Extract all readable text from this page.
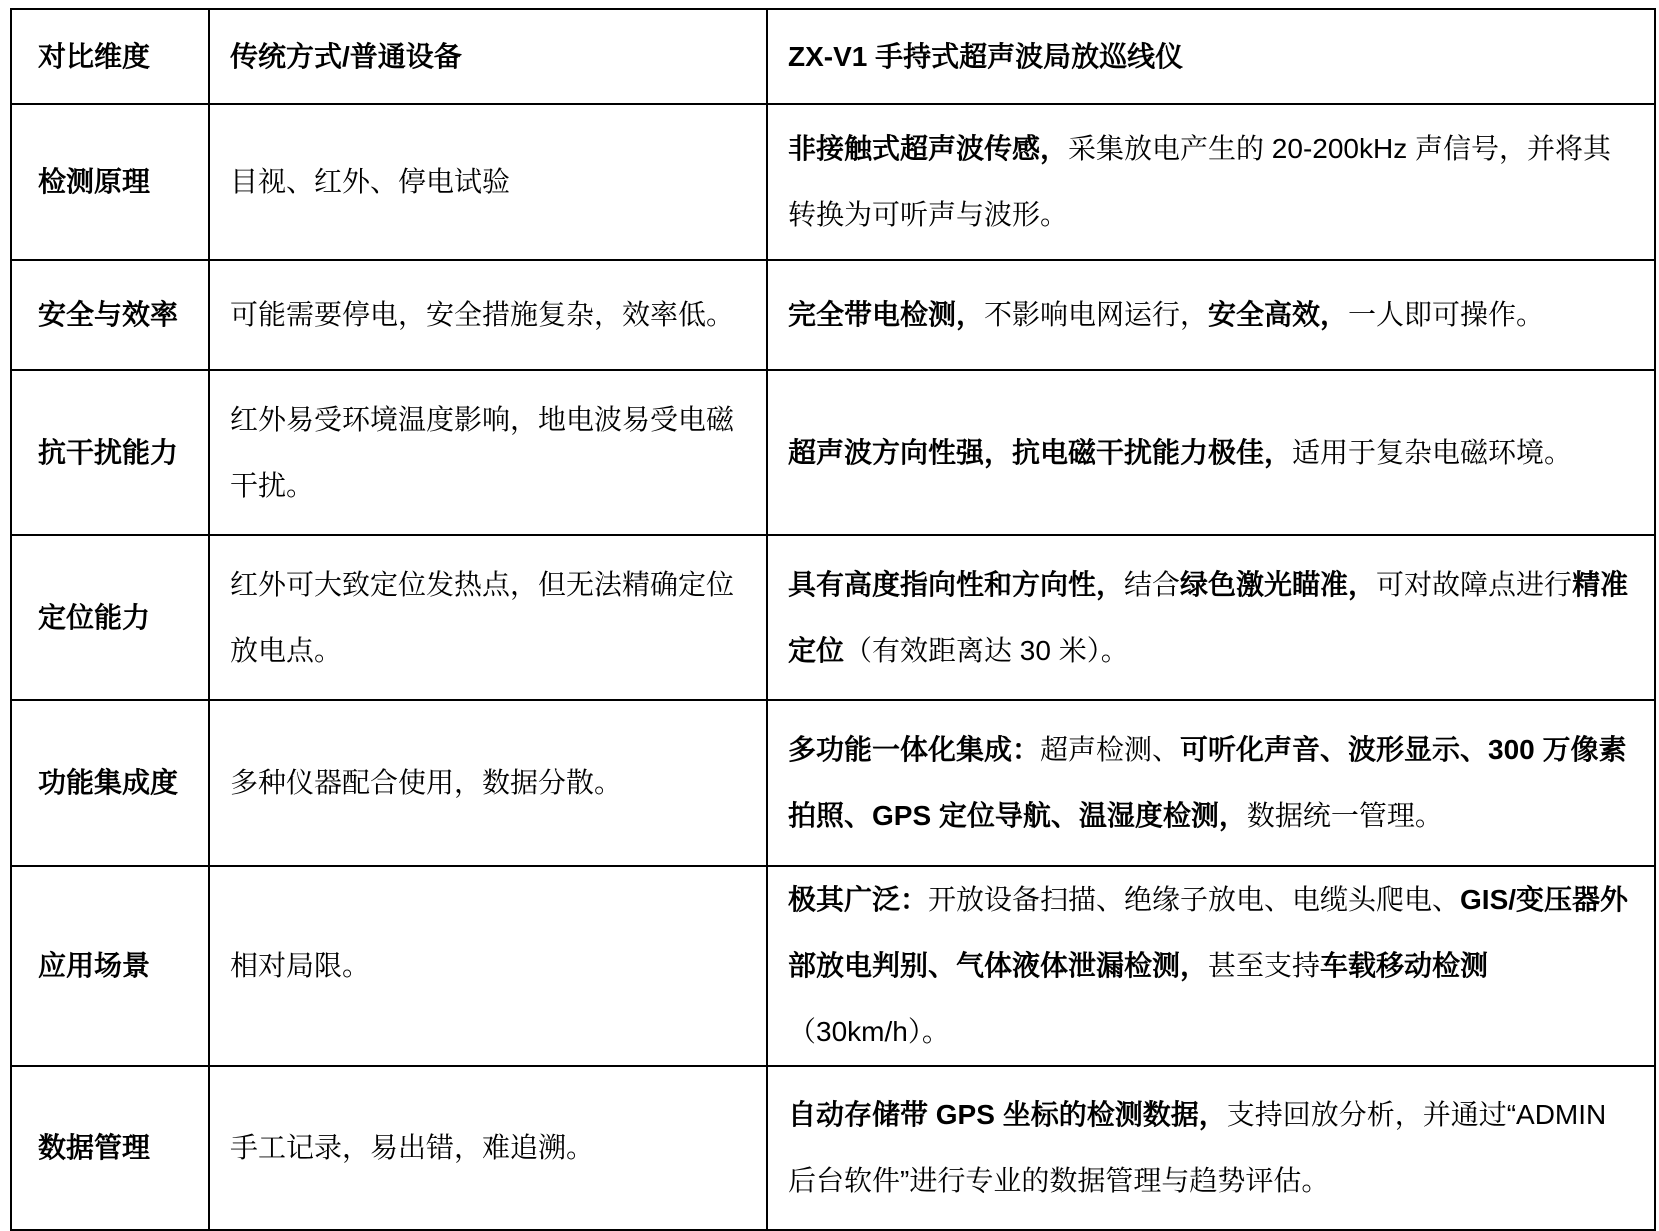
对比维度	传统方式/普通设备	ZX-V1 手持式超声波局放巡线仪
检测原理	目视、红外、停电试验	非接触式超声波传感，采集放电产生的 20-200kHz 声信号，并将其转换为可听声与波形。
安全与效率	可能需要停电，安全措施复杂，效率低。	完全带电检测，不影响电网运行，安全高效，一人即可操作。
抗干扰能力	红外易受环境温度影响，地电波易受电磁干扰。	超声波方向性强，抗电磁干扰能力极佳，适用于复杂电磁环境。
定位能力	红外可大致定位发热点，但无法精确定位放电点。	具有高度指向性和方向性，结合绿色激光瞄准，可对故障点进行精准定位（有效距离达 30 米）。
功能集成度	多种仪器配合使用，数据分散。	多功能一体化集成：超声检测、可听化声音、波形显示、300 万像素拍照、GPS 定位导航、温湿度检测，数据统一管理。
应用场景	相对局限。	极其广泛：开放设备扫描、绝缘子放电、电缆头爬电、GIS/变压器外部放电判别、气体液体泄漏检测，甚至支持车载移动检测（30km/h）。
数据管理	手工记录，易出错，难追溯。	自动存储带 GPS 坐标的检测数据，支持回放分析，并通过“ADMIN 后台软件”进行专业的数据管理与趋势评估。
